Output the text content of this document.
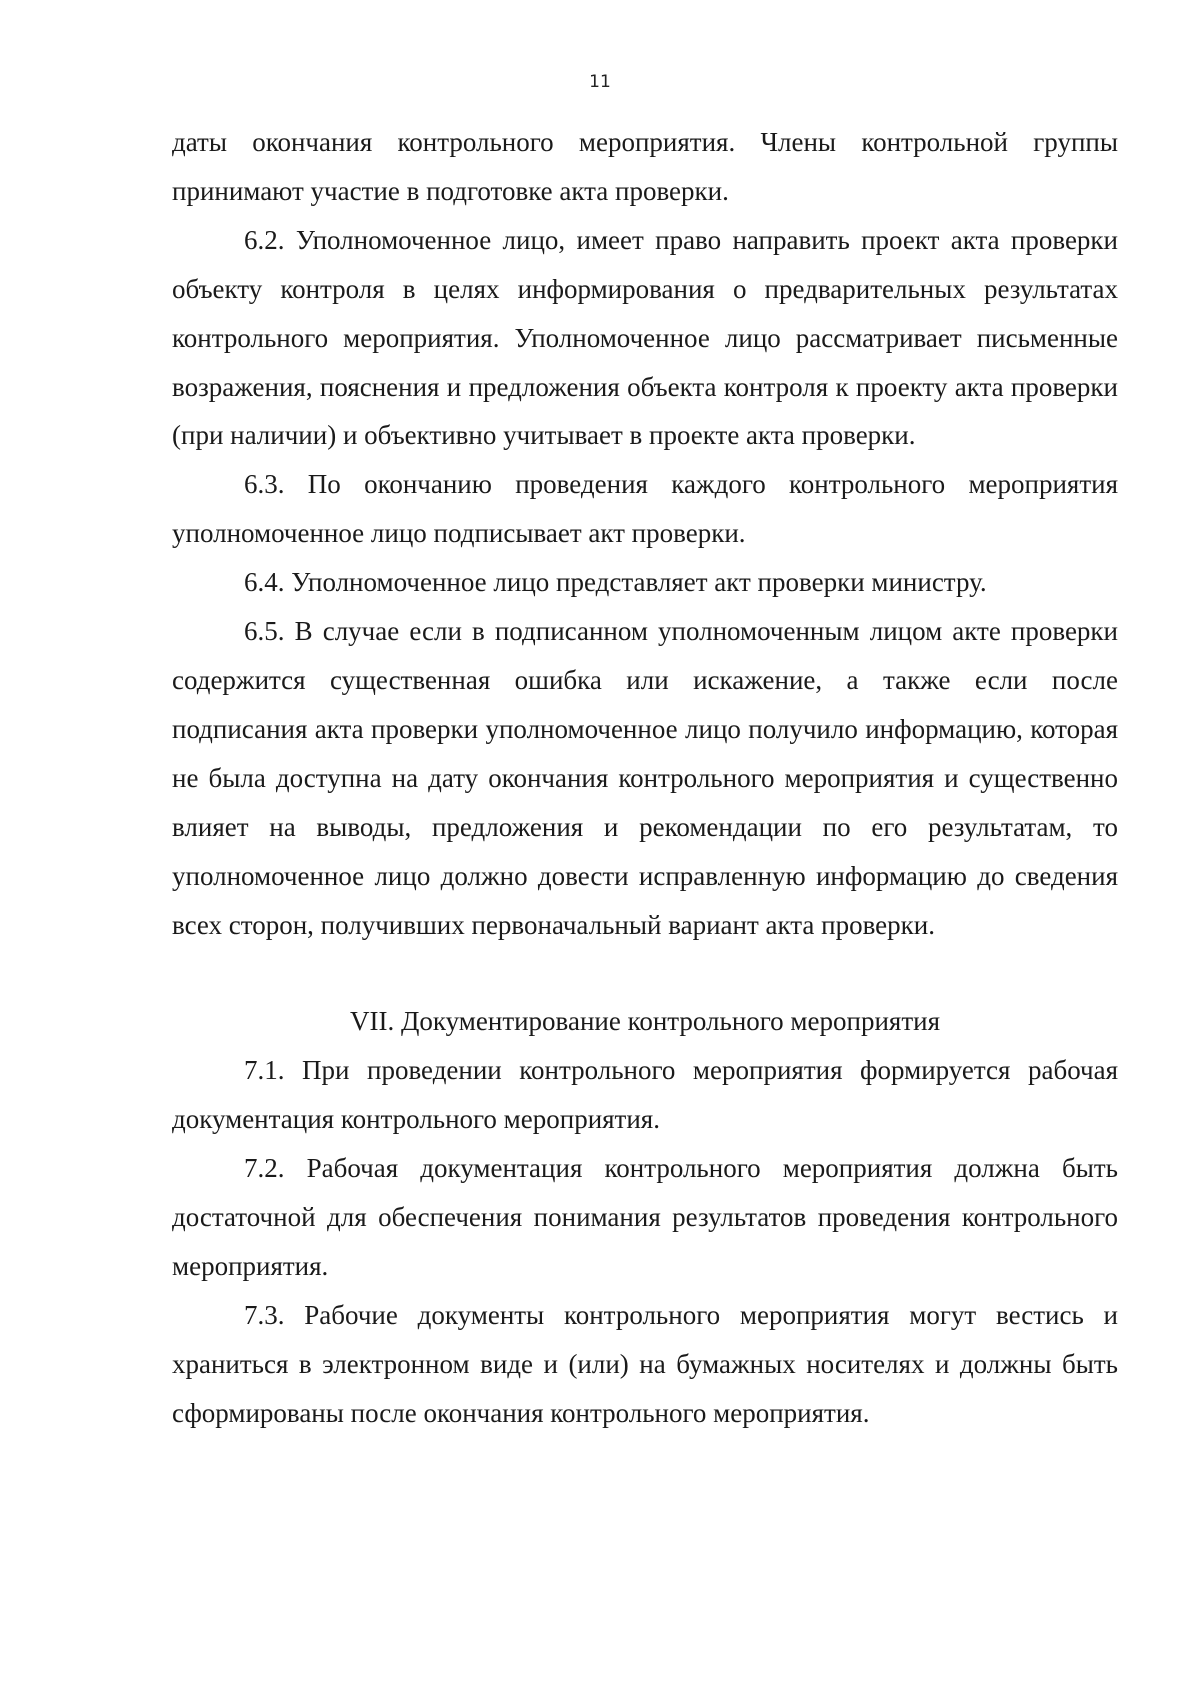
11

даты окончания контрольного мероприятия. Члены контрольной группы принимают участие в подготовке акта проверки.

6.2. Уполномоченное лицо, имеет право направить проект акта проверки объекту контроля в целях информирования о предварительных результатах контрольного мероприятия. Уполномоченное лицо рассматривает письменные возражения, пояснения и предложения объекта контроля к проекту акта проверки (при наличии) и объективно учитывает в проекте акта проверки.

6.3. По окончанию проведения каждого контрольного мероприятия уполномоченное лицо подписывает акт проверки.

6.4. Уполномоченное лицо представляет акт проверки министру.

6.5. В случае если в подписанном уполномоченным лицом акте проверки содержится существенная ошибка или искажение, а также если после подписания акта проверки уполномоченное лицо получило информацию, которая не была доступна на дату окончания контрольного мероприятия и существенно влияет на выводы, предложения и рекомендации по его результатам, то уполномоченное лицо должно довести исправленную информацию до сведения всех сторон, получивших первоначальный вариант акта проверки.

VII. Документирование контрольного мероприятия

7.1. При проведении контрольного мероприятия формируется рабочая документация контрольного мероприятия.

7.2. Рабочая документация контрольного мероприятия должна быть достаточной для обеспечения понимания результатов проведения контрольного мероприятия.

7.3. Рабочие документы контрольного мероприятия могут вестись и храниться в электронном виде и (или) на бумажных носителях и должны быть сформированы после окончания контрольного мероприятия.
